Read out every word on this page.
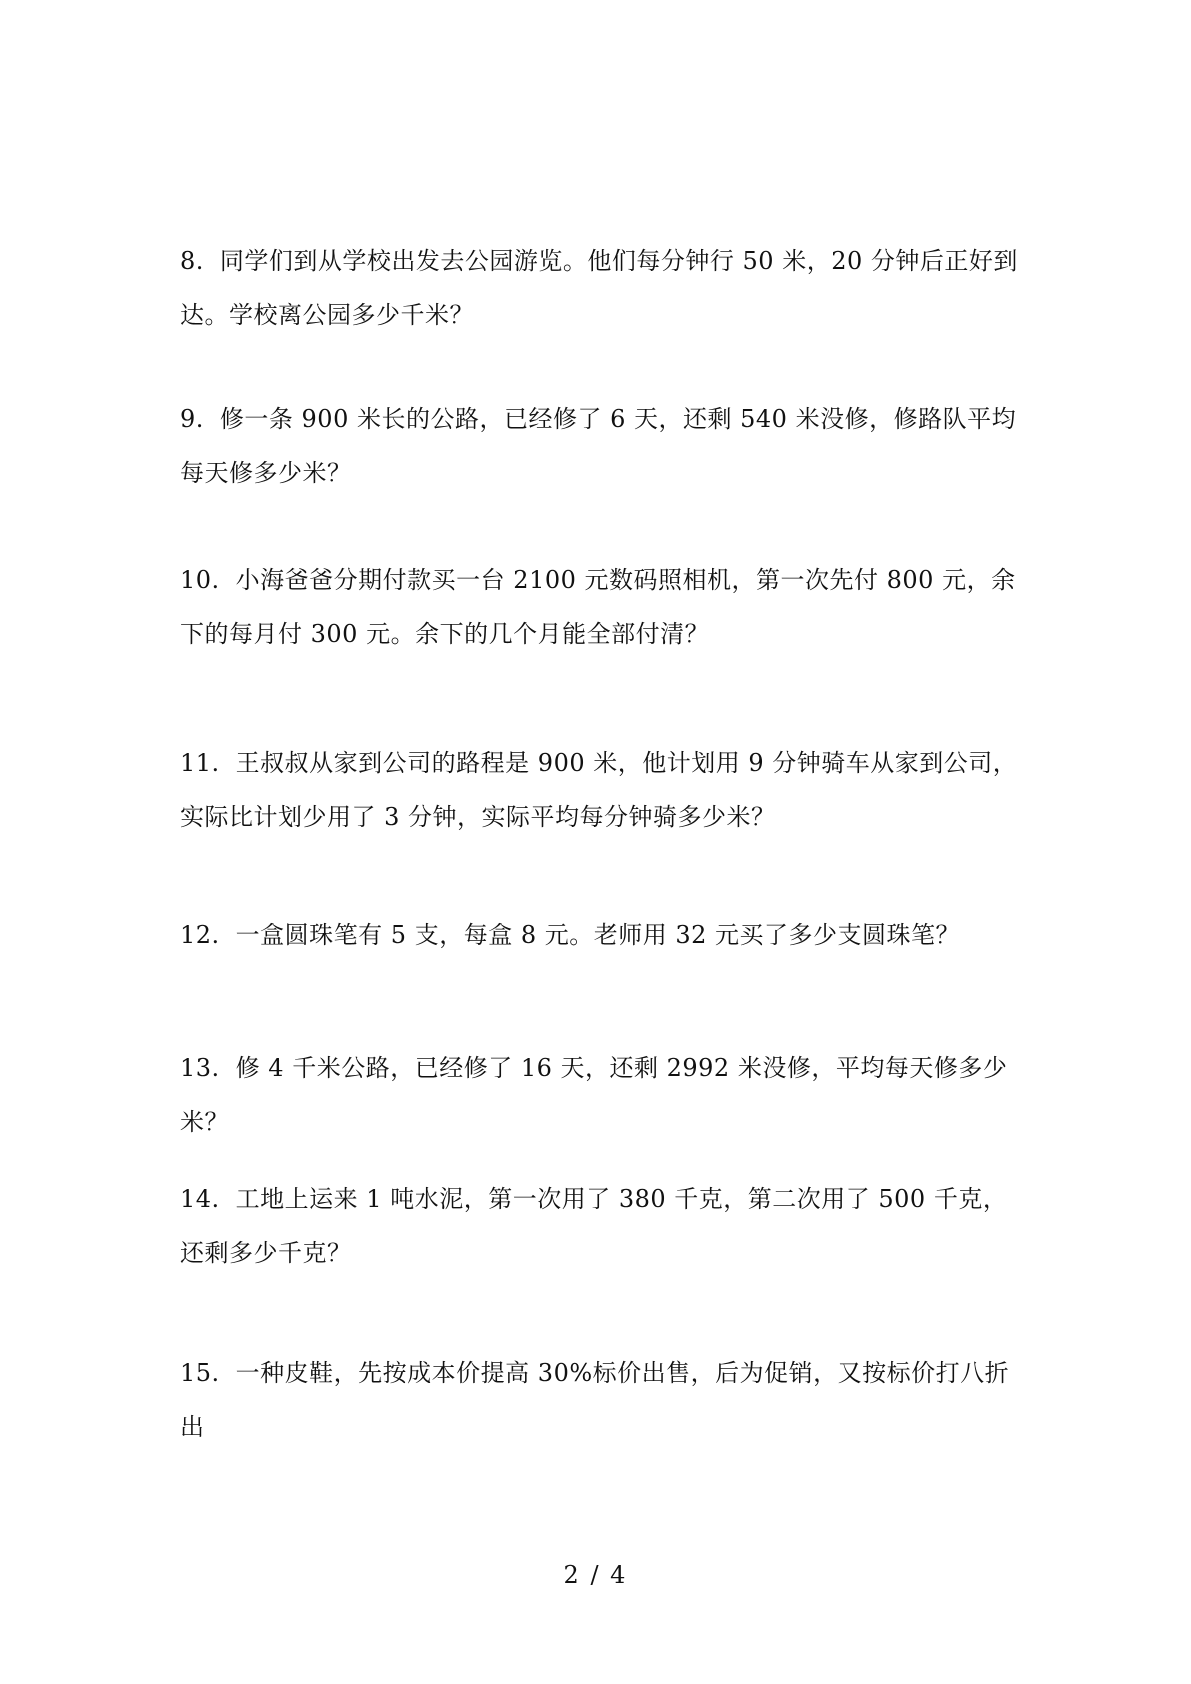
8. 同学们到从学校出发去公园游览。他们每分钟行 50 米，20 分钟后正好到达。学校离公园多少千米？

9. 修一条 900 米长的公路，已经修了 6 天，还剩 540 米没修，修路队平均每天修多少米？

10. 小海爸爸分期付款买一台 2100 元数码照相机，第一次先付 800 元，余下的每月付 300 元。余下的几个月能全部付清？

11. 王叔叔从家到公司的路程是 900 米，他计划用 9 分钟骑车从家到公司，实际比计划少用了 3 分钟，实际平均每分钟骑多少米？

12. 一盒圆珠笔有 5 支，每盒 8 元。老师用 32 元买了多少支圆珠笔？

13. 修 4 千米公路，已经修了 16 天，还剩 2992 米没修，平均每天修多少米？

14. 工地上运来 1 吨水泥，第一次用了 380 千克，第二次用了 500 千克，还剩多少千克？

15. 一种皮鞋，先按成本价提高 30%标价出售，后为促销，又按标价打八折出

2 / 4
